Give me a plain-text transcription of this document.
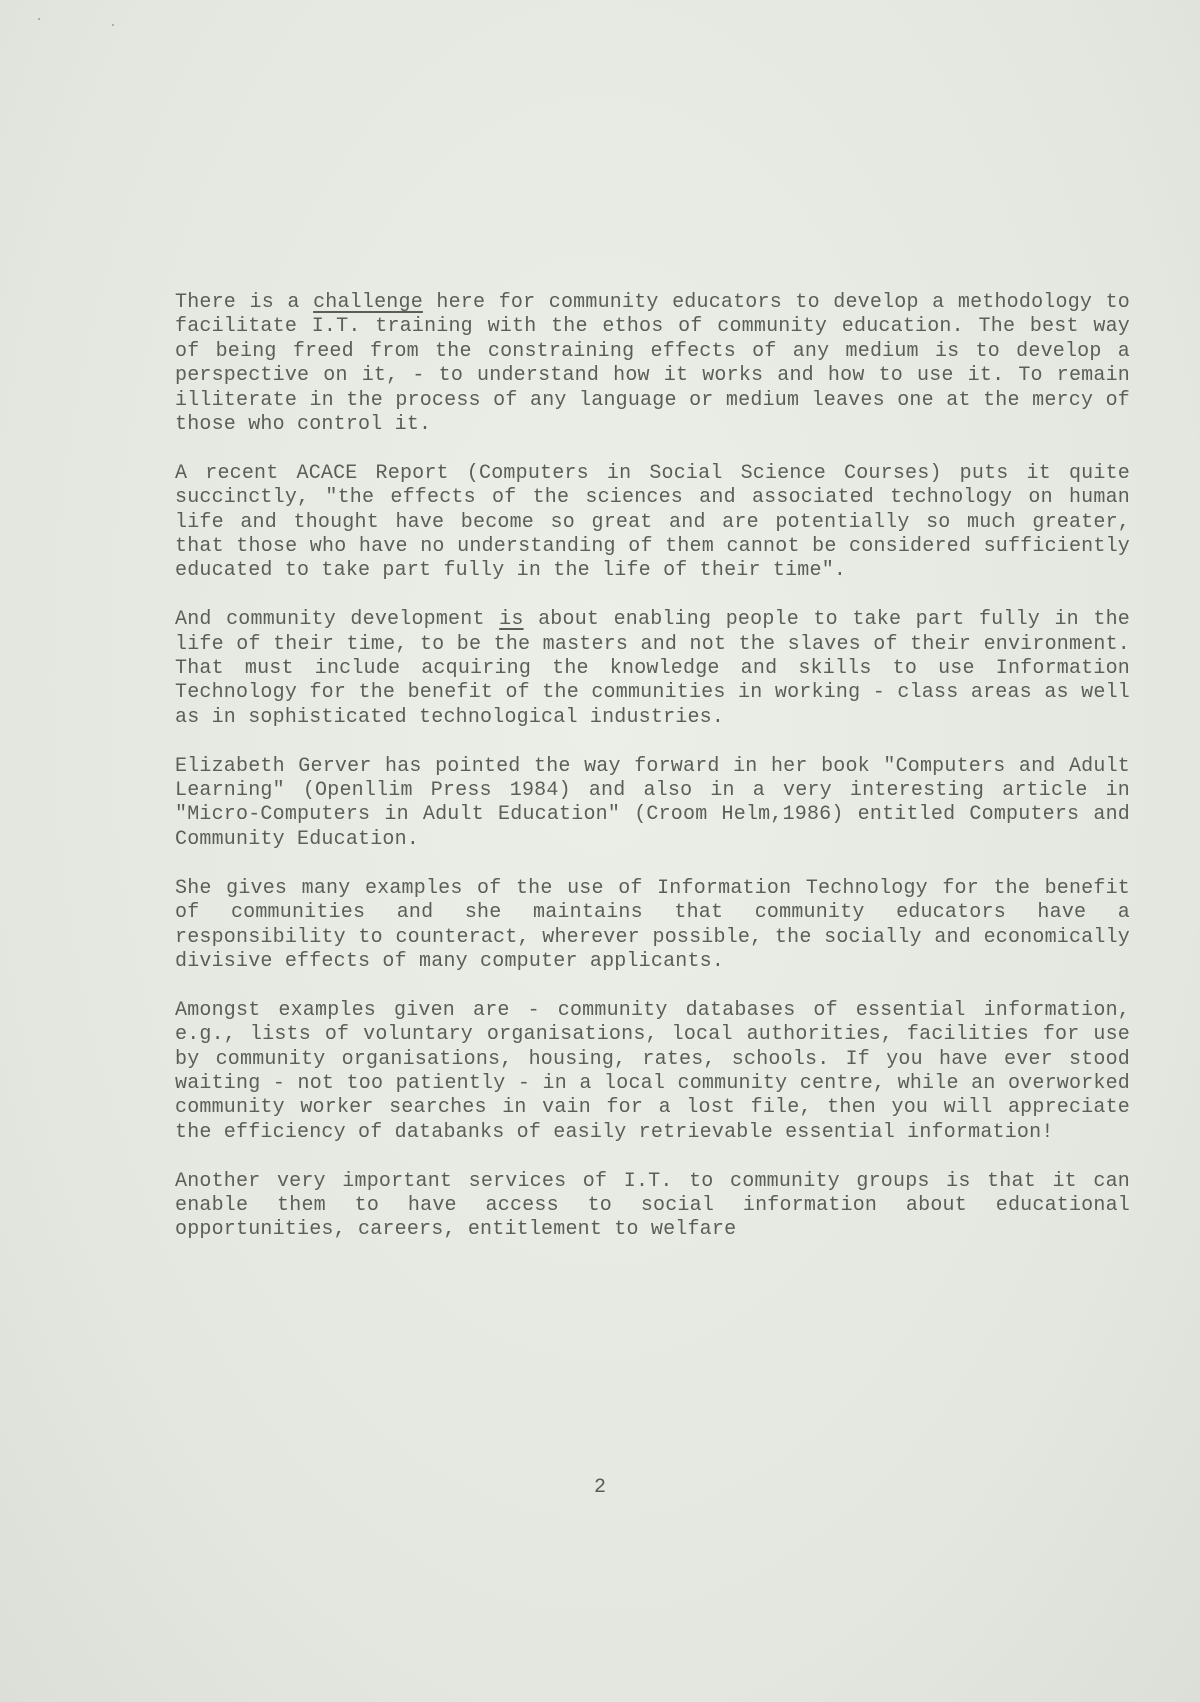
There is a challenge here for community educators to develop a methodology to facilitate I.T. training with the ethos of community education. The best way of being freed from the constraining effects of any medium is to develop a perspective on it, - to understand how it works and how to use it. To remain illiterate in the process of any language or medium leaves one at the mercy of those who control it.

A recent ACACE Report (Computers in Social Science Courses) puts it quite succinctly, "the effects of the sciences and associated technology on human life and thought have become so great and are potentially so much greater, that those who have no understanding of them cannot be considered sufficiently educated to take part fully in the life of their time".

And community development is about enabling people to take part fully in the life of their time, to be the masters and not the slaves of their environment. That must include acquiring the knowledge and skills to use Information Technology for the benefit of the communities in working - class areas as well as in sophisticated technological industries.

Elizabeth Gerver has pointed the way forward in her book "Computers and Adult Learning" (Openllim Press 1984) and also in a very interesting article in "Micro-Computers in Adult Education" (Croom Helm,1986) entitled Computers and Community Education.

She gives many examples of the use of Information Technology for the benefit of communities and she maintains that community educators have a responsibility to counteract, wherever possible, the socially and economically divisive effects of many computer applicants.

Amongst examples given are - community databases of essential information, e.g., lists of voluntary organisations, local authorities, facilities for use by community organisations, housing, rates, schools. If you have ever stood waiting - not too patiently - in a local community centre, while an overworked community worker searches in vain for a lost file, then you will appreciate the efficiency of databanks of easily retrievable essential information!

Another very important services of I.T. to community groups is that it can enable them to have access to social information about educational opportunities, careers, entitlement to welfare

2
